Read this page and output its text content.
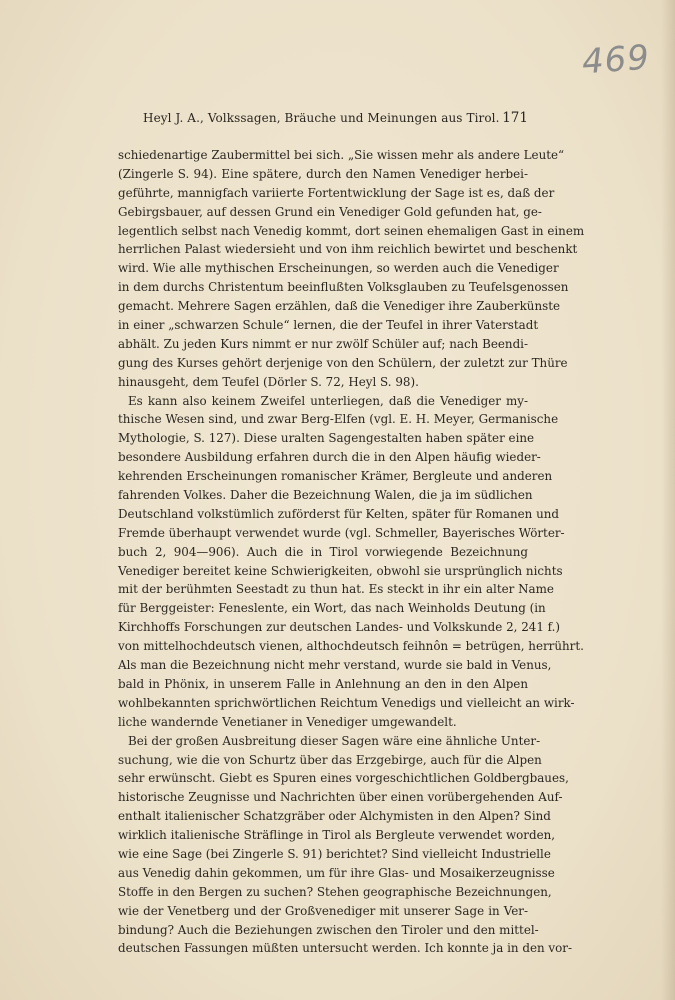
469
Heyl J. A., Volkssagen, Bräuche und Meinungen aus Tirol. 171
schiedenartige Zaubermittel bei sich. „Sie wissen mehr als andere Leute“
(Zingerle S. 94). Eine spätere, durch den Namen Venediger herbei-
geführte, mannigfach variierte Fortentwicklung der Sage ist es, daß der
Gebirgsbauer, auf dessen Grund ein Venediger Gold gefunden hat, ge-
legentlich selbst nach Venedig kommt, dort seinen ehemaligen Gast in einem
herrlichen Palast wiedersieht und von ihm reichlich bewirtet und beschenkt
wird. Wie alle mythischen Erscheinungen, so werden auch die Venediger
in dem durchs Christentum beeinflußten Volksglauben zu Teufelsgenossen
gemacht. Mehrere Sagen erzählen, daß die Venediger ihre Zauberkünste
in einer „schwarzen Schule“ lernen, die der Teufel in ihrer Vaterstadt
abhält. Zu jeden Kurs nimmt er nur zwölf Schüler auf; nach Beendi-
gung des Kurses gehört derjenige von den Schülern, der zuletzt zur Thüre
hinausgeht, dem Teufel (Dörler S. 72, Heyl S. 98).
Es kann also keinem Zweifel unterliegen, daß die Venediger my-
thische Wesen sind, und zwar Berg-Elfen (vgl. E. H. Meyer, Germanische
Mythologie, S. 127). Diese uralten Sagengestalten haben später eine
besondere Ausbildung erfahren durch die in den Alpen häufig wieder-
kehrenden Erscheinungen romanischer Krämer, Bergleute und anderen
fahrenden Volkes. Daher die Bezeichnung Walen, die ja im südlichen
Deutschland volkstümlich zuförderst für Kelten, später für Romanen und
Fremde überhaupt verwendet wurde (vgl. Schmeller, Bayerisches Wörter-
buch 2, 904—906). Auch die in Tirol vorwiegende Bezeichnung
Venediger bereitet keine Schwierigkeiten, obwohl sie ursprünglich nichts
mit der berühmten Seestadt zu thun hat. Es steckt in ihr ein alter Name
für Berggeister: Feneslente, ein Wort, das nach Weinholds Deutung (in
Kirchhoffs Forschungen zur deutschen Landes- und Volkskunde 2, 241 f.)
von mittelhochdeutsch vienen, althochdeutsch feihnôn = betrügen, herrührt.
Als man die Bezeichnung nicht mehr verstand, wurde sie bald in Venus,
bald in Phönix, in unserem Falle in Anlehnung an den in den Alpen
wohlbekannten sprichwörtlichen Reichtum Venedigs und vielleicht an wirk-
liche wandernde Venetianer in Venediger umgewandelt.
Bei der großen Ausbreitung dieser Sagen wäre eine ähnliche Unter-
suchung, wie die von Schurtz über das Erzgebirge, auch für die Alpen
sehr erwünscht. Giebt es Spuren eines vorgeschichtlichen Goldbergbaues,
historische Zeugnisse und Nachrichten über einen vorübergehenden Auf-
enthalt italienischer Schatzgräber oder Alchymisten in den Alpen? Sind
wirklich italienische Sträflinge in Tirol als Bergleute verwendet worden,
wie eine Sage (bei Zingerle S. 91) berichtet? Sind vielleicht Industrielle
aus Venedig dahin gekommen, um für ihre Glas- und Mosaikerzeugnisse
Stoffe in den Bergen zu suchen? Stehen geographische Bezeichnungen,
wie der Venetberg und der Großvenediger mit unserer Sage in Ver-
bindung? Auch die Beziehungen zwischen den Tiroler und den mittel-
deutschen Fassungen müßten untersucht werden. Ich konnte ja in den vor-
